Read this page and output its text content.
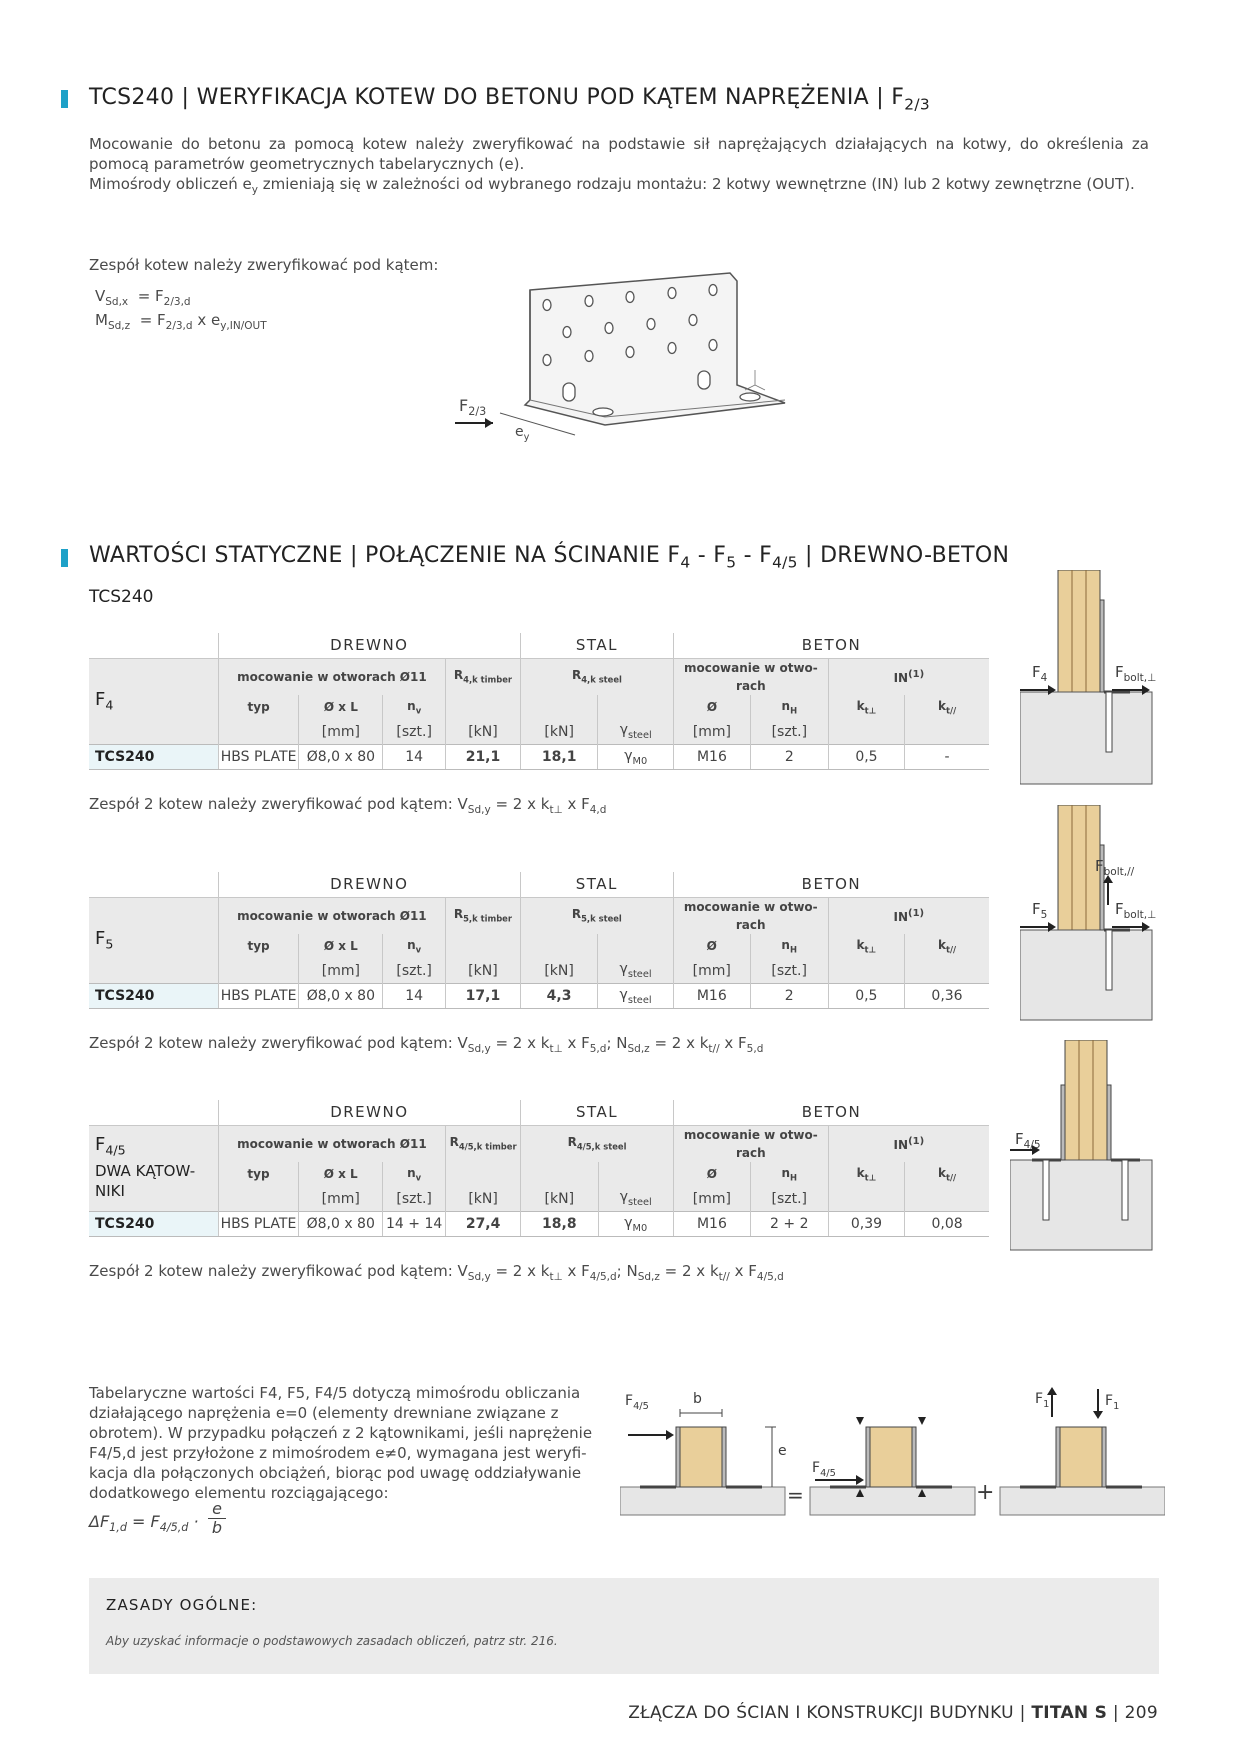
TCS240 | WERYFIKACJA KOTEW DO BETONU POD KĄTEM NAPRĘŻENIA | $F_{2/3}$
Mocowanie do betonu za pomocą kotew należy zweryfikować na podstawie sił naprężających działających na kotwy, do określenia za pomocą parametrów geometrycznych tabelarycznych (e).
Mimośrody obliczeń $e_y$ zmieniają się w zależności od wybranego rodzaju montażu: 2 kotwy wewnętrzne (IN) lub 2 kotwy zewnętrzne (OUT).
Zespół kotew należy zweryfikować pod kątem:
$V_{Sd,x} = F_{2/3,d}$
$M_{Sd,z} = F_{2/3,d}$ x $e_{y,IN/OUT}$
$F_{2/3}$
$e_y$
WARTOŚCI STATYCZNE | POŁĄCZENIE NA ŚCINANIE $F_4 - F_5 - F_{4/5}$ | DREWNO-BETON
TCS240
	DREWNO				STAL		BETON			
$F_4$	mocowanie w otworach Ø11			$R_{4,k timber}$	$R_{4,k steel}$		mocowanie w otwo-
rach		IN$^{(1)}$
	typ	Ø x L	$n_v$				Ø	$n_H$	$k_{t\perp}$	$k_{t//}$
		[mm]	[szt.]	[kN]	[kN]	$\gamma_{steel}$	[mm]	[szt.]		
TCS240	HBS PLATE	Ø8,0 x 80	14	21,1	18,1	$\gamma_{M0}$	M16	2	0,5	-
Zespół 2 kotew należy zweryfikować pod kątem: $V_{Sd,y} = 2$ x $k_{t\perp}$ x $F_{4,d}$
	DREWNO				STAL		BETON			
$F_5$	mocowanie w otworach Ø11			$R_{5,k timber}$	$R_{5,k steel}$		mocowanie w otwo-
rach		IN$^{(1)}$
	typ	Ø x L	$n_v$				Ø	$n_H$	$k_{t\perp}$	$k_{t//}$
		[mm]	[szt.]	[kN]	[kN]	$\gamma_{steel}$	[mm]	[szt.]		
TCS240	HBS PLATE	Ø8,0 x 80	14	17,1	4,3	$\gamma_{steel}$	M16	2	0,5	0,36
Zespół 2 kotew należy zweryfikować pod kątem: $V_{Sd,y} = 2$ x $k_{t\perp}$ x $F_{5,d}$; $N_{Sd,z} = 2$ x $k_{t//}$ x $F_{5,d}$
	DREWNO				STAL		BETON			
$F_{4/5}$
DWA KĄTOW-NIKI	mocowanie w otworach Ø11			$R_{4/5,k timber}$	$R_{4/5,k steel}$		mocowanie w otwo-
rach		IN$^{(1)}$
	typ	Ø x L	$n_v$				Ø	$n_H$	$k_{t\perp}$	$k_{t//}$
		[mm]	[szt.]	[kN]	[kN]	$\gamma_{steel}$	[mm]	[szt.]		
TCS240	HBS PLATE	Ø8,0 x 80	14 + 14	27,4	18,8	$\gamma_{M0}$	M16	2 + 2	0,39	0,08
Zespół 2 kotew należy zweryfikować pod kątem: $V_{Sd,y} = 2$ x $k_{t\perp}$ x $F_{4/5,d}$; $N_{Sd,z} = 2$ x $k_{t//}$ x $F_{4/5,d}$
$F_4$	$F_{bolt,\perp}$
$F_5$
$F_{bolt,//}$
$F_{bolt,\perp}$
$F_{4/5}$
Tabelaryczne wartości F4, F5, F4/5 dotyczą mimośrodu obliczania działającego naprężenia e=0 (elementy drewniane związane z obrotem). W przypadku połączeń z 2 kątownikami, jeśli naprężenie F4/5,d jest przyłożone z mimośrodem e≠0, wymagana jest weryfi-kacja dla połączonych obciążeń, biorąc pod uwagę oddziaływanie dodatkowego elementu rozciągającego:
$\Delta F_{1,d} = F_{4/5,d}$ ·
e
b
$F_{4/5}$	b
e
=
$F_{4/5}$
+
$F_1$	$F_1$
ZASADY OGÓLNE:
Aby uzyskać informacje o podstawowych zasadach obliczeń, patrz str. 216.
ZŁĄCZA DO ŚCIAN I KONSTRUKCJI BUDYNKU | TITAN S | 209
